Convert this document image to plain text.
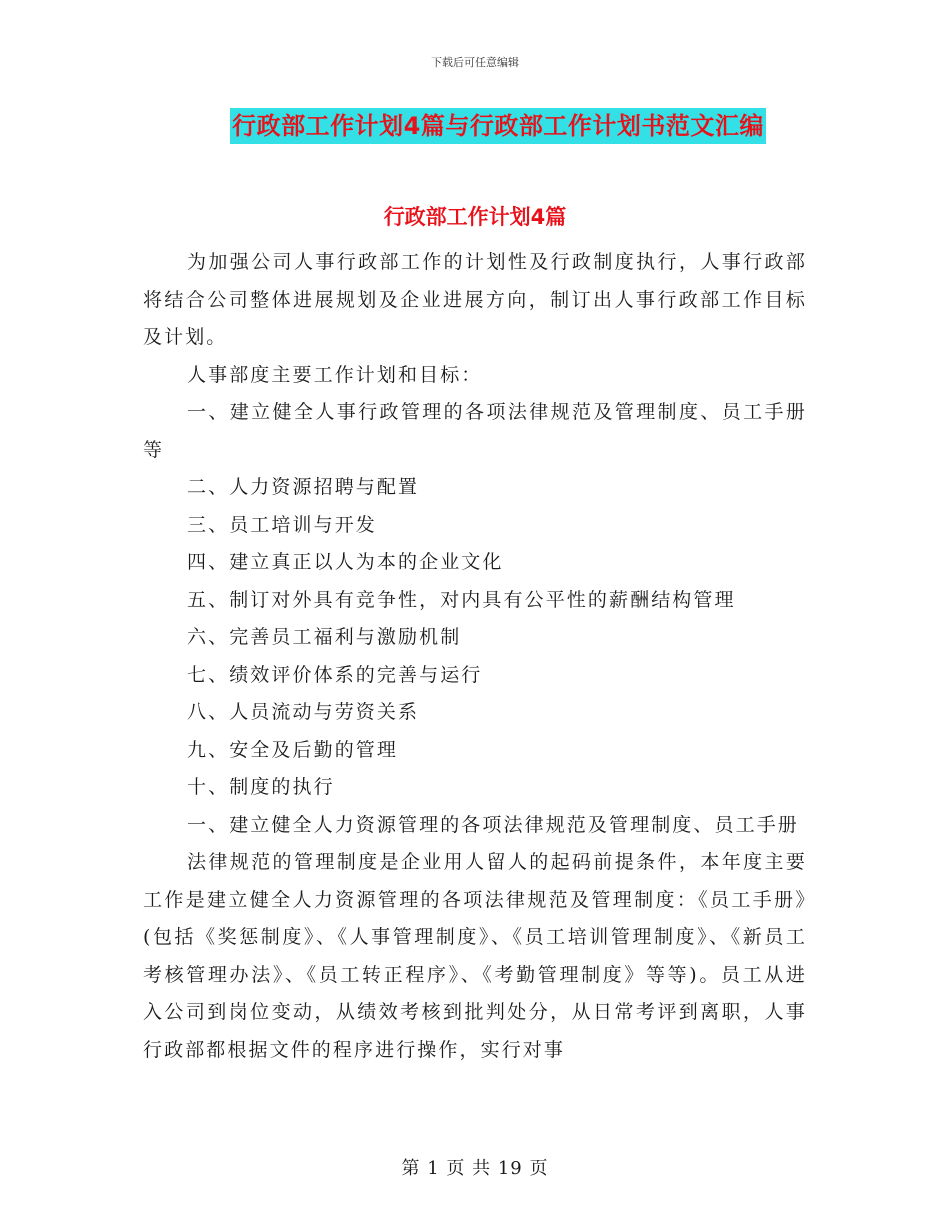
下载后可任意编辑
行政部工作计划4篇与行政部工作计划书范文汇编
行政部工作计划4篇

为加强公司人事行政部工作的计划性及行政制度执行，人事行政部将结合公司整体进展规划及企业进展方向，制订出人事行政部工作目标及计划。

人事部度主要工作计划和目标：

一、建立健全人事行政管理的各项法律规范及管理制度、员工手册等

二、人力资源招聘与配置

三、员工培训与开发

四、建立真正以人为本的企业文化

五、制订对外具有竞争性，对内具有公平性的薪酬结构管理

六、完善员工福利与激励机制

七、绩效评价体系的完善与运行

八、人员流动与劳资关系

九、安全及后勤的管理

十、制度的执行

一、建立健全人力资源管理的各项法律规范及管理制度、员工手册

法律规范的管理制度是企业用人留人的起码前提条件，本年度主要工作是建立健全人力资源管理的各项法律规范及管理制度：《员工手册》(包括《奖惩制度》、《人事管理制度》、《员工培训管理制度》、《新员工考核管理办法》、《员工转正程序》、《考勤管理制度》等等)。员工从进入公司到岗位变动，从绩效考核到批判处分，从日常考评到离职，人事行政部都根据文件的程序进行操作，实行对事

第 1 页 共 19 页
